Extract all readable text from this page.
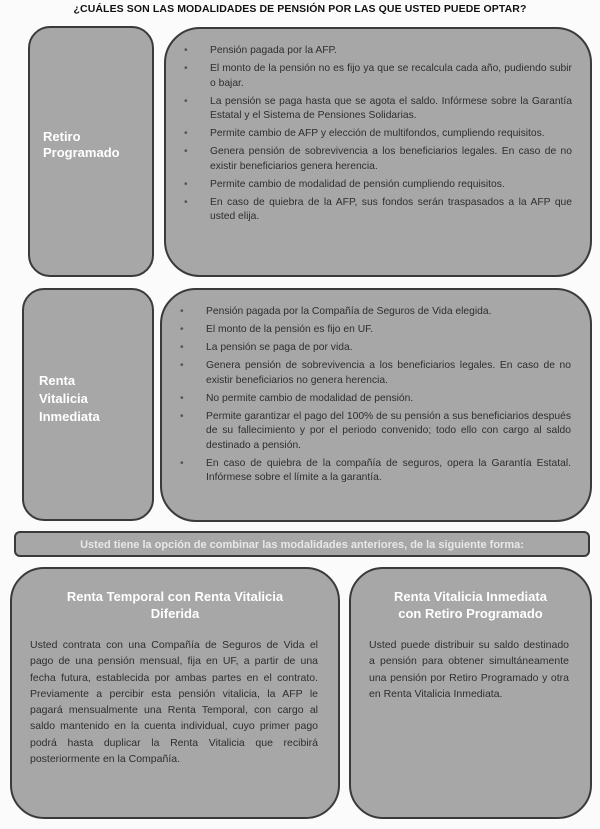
¿CUÁLES SON LAS MODALIDADES DE PENSIÓN POR LAS QUE USTED PUEDE OPTAR?
Retiro
Programado
• Pensión pagada por la AFP.
• El monto de la pensión no es fijo ya que se recalcula cada año, pudiendo subir o bajar.
• La pensión se paga hasta que se agota el saldo. Infórmese sobre la Garantía Estatal y el Sistema de Pensiones Solidarias.
• Permite cambio de AFP y elección de multifondos, cumpliendo requisitos.
• Genera pensión de sobrevivencia a los beneficiarios legales. En caso de no existir beneficiarios genera herencia.
• Permite cambio de modalidad de pensión cumpliendo requisitos.
• En caso de quiebra de la AFP, sus fondos serán traspasados a la AFP que usted elija.
Renta
Vitalicia
Inmediata
• Pensión pagada por la Compañía de Seguros de Vida elegida.
• El monto de la pensión es fijo en UF.
• La pensión se paga de por vida.
• Genera pensión de sobrevivencia a los beneficiarios legales. En caso de no existir beneficiarios no genera herencia.
• No permite cambio de modalidad de pensión.
• Permite garantizar el pago del 100% de su pensión a sus beneficiarios después de su fallecimiento y por el periodo convenido; todo ello con cargo al saldo destinado a pensión.
• En caso de quiebra de la compañía de seguros, opera la Garantía Estatal. Infórmese sobre el límite a la garantía.
Usted tiene la opción de combinar las modalidades anteriores, de la siguiente forma:
Renta Temporal con Renta Vitalicia
Diferida

Usted contrata con una Compañía de Seguros de Vida el pago de una pensión mensual, fija en UF, a partir de una fecha futura, establecida por ambas partes en el contrato. Previamente a percibir esta pensión vitalicia, la AFP le pagará mensualmente una Renta Temporal, con cargo al saldo mantenido en la cuenta individual, cuyo primer pago podrá hasta duplicar la Renta Vitalicia que recibirá posteriormente en la Compañía.

Renta Vitalicia Inmediata
con Retiro Programado

Usted puede distribuir su saldo destinado a pensión para obtener simultáneamente una pensión por Retiro Programado y otra en Renta Vitalicia Inmediata.
